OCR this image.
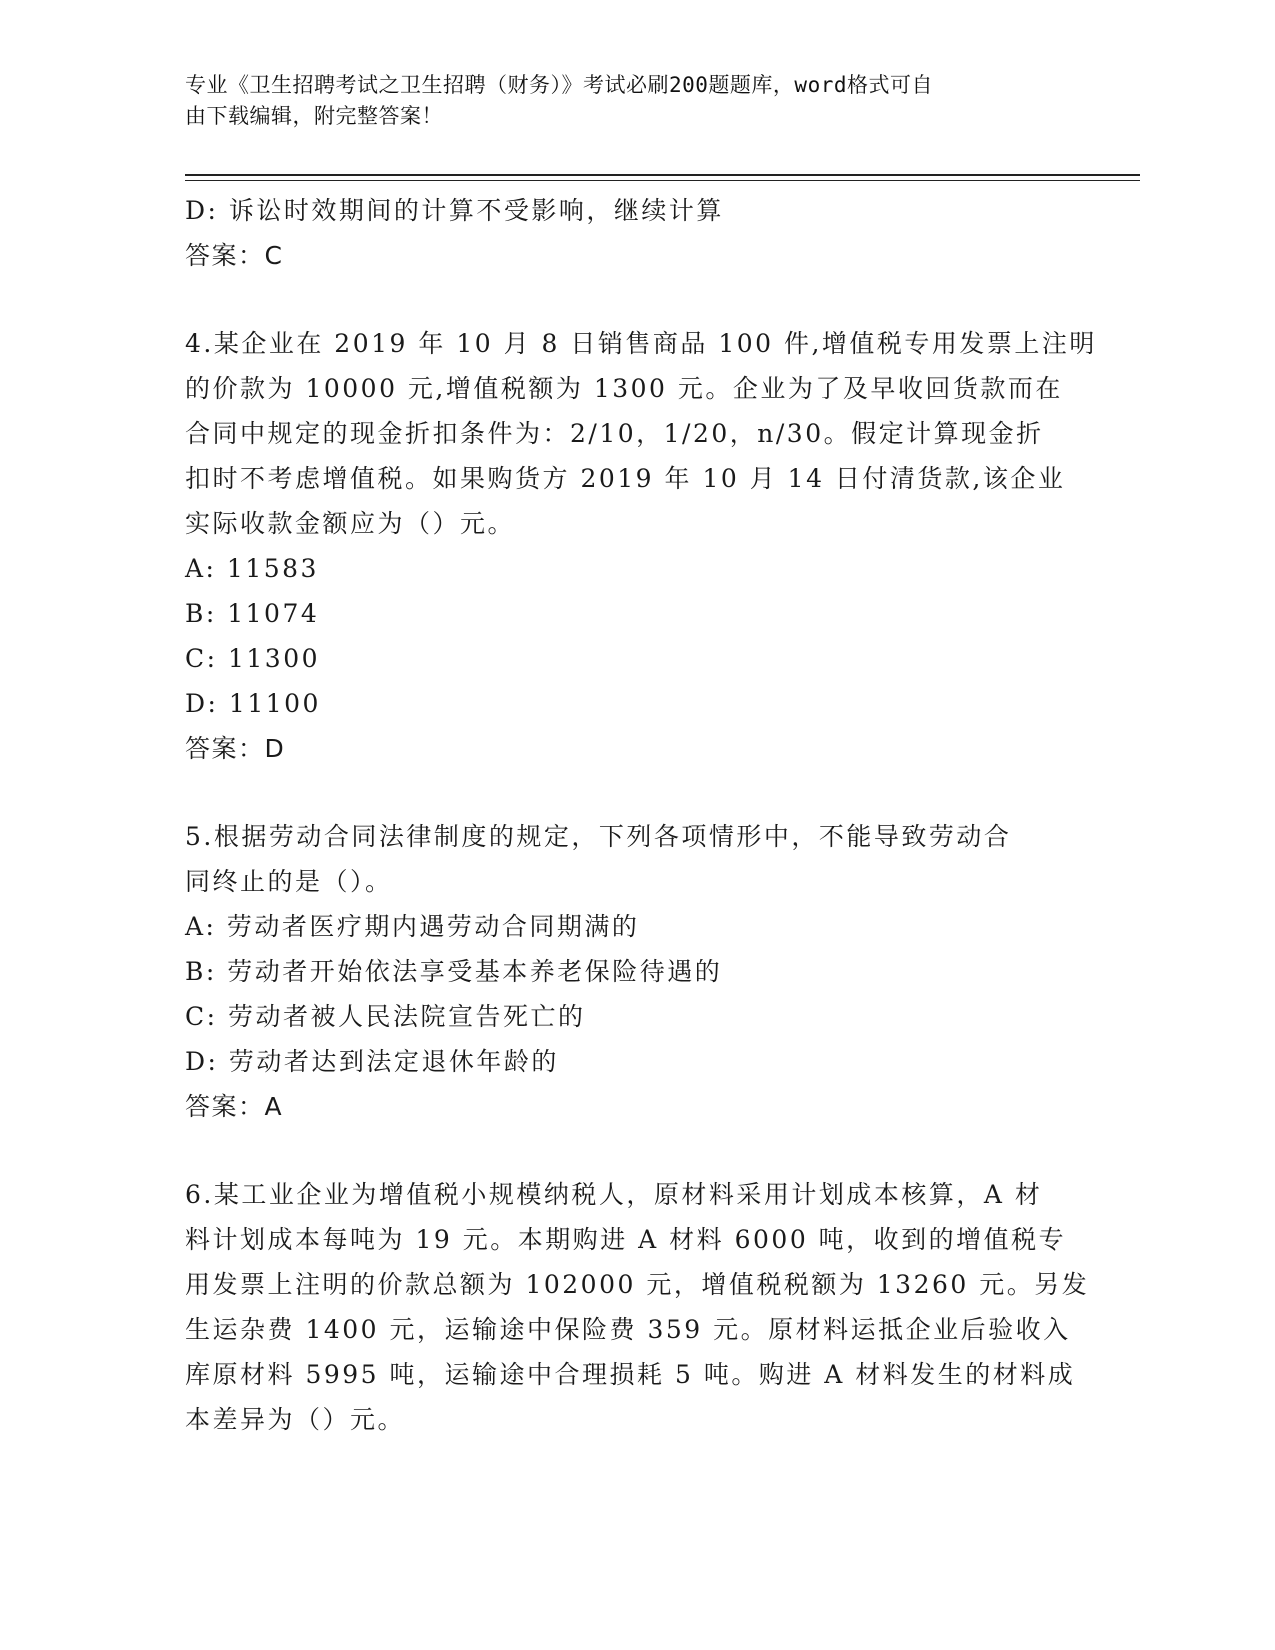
专业《卫生招聘考试之卫生招聘（财务）》考试必刷200题题库，word格式可自
由下载编辑，附完整答案！
D: 诉讼时效期间的计算不受影响，继续计算
答案：C
4.某企业在 2019 年 10 月 8 日销售商品 100 件,增值税专用发票上注明
的价款为 10000 元,增值税额为 1300 元。企业为了及早收回货款而在
合同中规定的现金折扣条件为：2/10，1/20，n/30。假定计算现金折
扣时不考虑增值税。如果购货方 2019 年 10 月 14 日付清货款,该企业
实际收款金额应为（）元。
A: 11583
B: 11074
C: 11300
D: 11100
答案：D
5.根据劳动合同法律制度的规定，下列各项情形中，不能导致劳动合
同终止的是（）。
A: 劳动者医疗期内遇劳动合同期满的
B: 劳动者开始依法享受基本养老保险待遇的
C: 劳动者被人民法院宣告死亡的
D: 劳动者达到法定退休年龄的
答案：A
6.某工业企业为增值税小规模纳税人，原材料采用计划成本核算，A 材
料计划成本每吨为 19 元。本期购进 A 材料 6000 吨，收到的增值税专
用发票上注明的价款总额为 102000 元，增值税税额为 13260 元。另发
生运杂费 1400 元，运输途中保险费 359 元。原材料运抵企业后验收入
库原材料 5995 吨，运输途中合理损耗 5 吨。购进 A 材料发生的材料成
本差异为（）元。
